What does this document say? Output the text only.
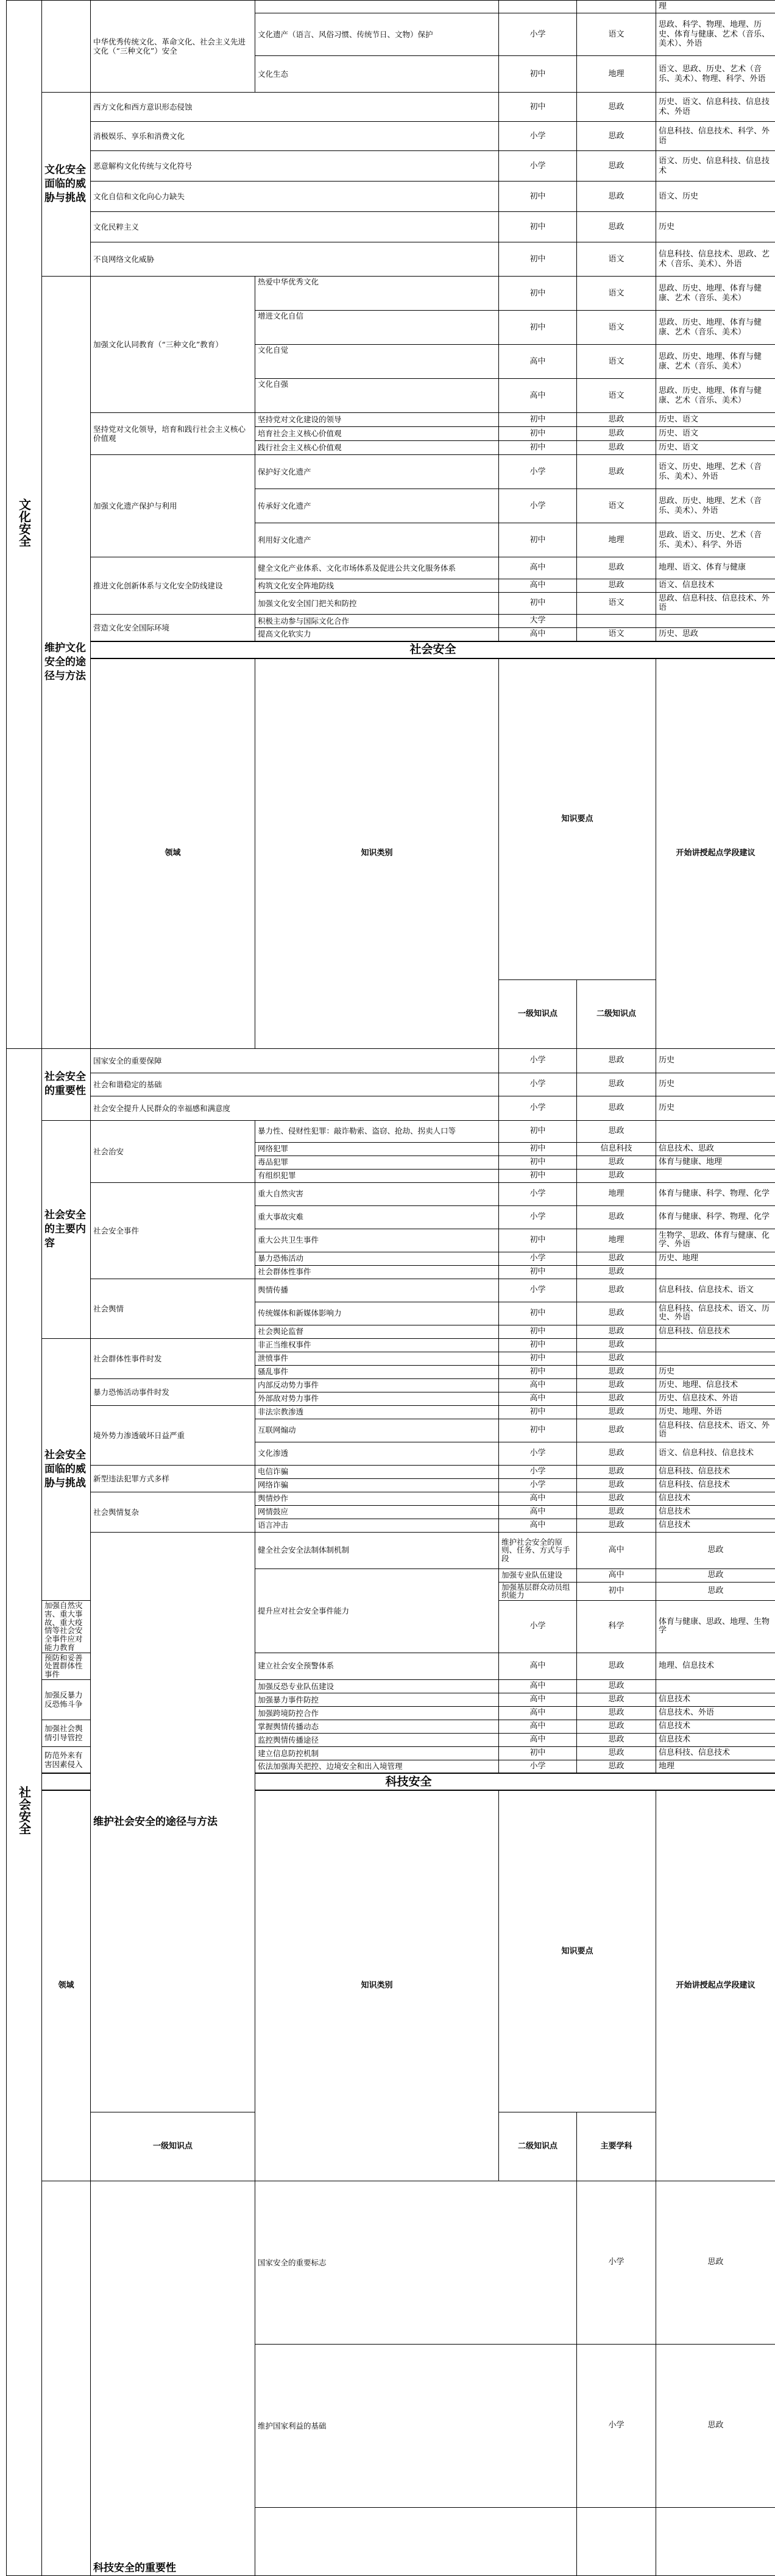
文化安全		中华优秀传统文化、革命文化、社会主义先进文化（“三种文化”）安全				理	
			文化遗产（语言、风俗习惯、传统节日、文物）保护	小学	语文	思政、科学、物理、地理、历史、体育与健康、艺术（音乐、美术）、外语	
			文化生态	初中	地理	语文、思政、历史、艺术（音乐、美术）、物理、科学、外语	
	文化安全面临的威胁与挑战	西方文化和西方意识形态侵蚀		初中	思政	历史、语文、信息科技、信息技术、外语	
		消极娱乐、享乐和消费文化		小学	思政	信息科技、信息技术、科学、外语	
		恶意解构文化传统与文化符号		小学	思政	语文、历史、信息科技、信息技术	
		文化自信和文化向心力缺失		初中	思政	语文、历史	
		文化民粹主义		初中	思政	历史	
		不良网络文化威胁		初中	语文	信息科技、信息技术、思政、艺术（音乐、美术）、外语	
	维护文化安全的途径与方法	加强文化认同教育（“三种文化”教育）	热爱中华优秀文化	初中	语文	思政、历史、地理、体育与健康、艺术（音乐、美术）	
			增进文化自信	初中	语文	思政、历史、地理、体育与健康、艺术（音乐、美术）	
			文化自觉	高中	语文	思政、历史、地理、体育与健康、艺术（音乐、美术）	
			文化自强	高中	语文	思政、历史、地理、体育与健康、艺术（音乐、美术）	
		坚持党对文化领导，培育和践行社会主义核心价值观	坚持党对文化建设的领导	初中	思政	历史、语文	
			培育社会主义核心价值观	初中	思政	历史、语文	
			践行社会主义核心价值观	初中	思政	历史、语文	
		加强文化遗产保护与利用	保护好文化遗产	小学	思政	语文、历史、地理、艺术（音乐、美术）、外语	
			传承好文化遗产	小学	语文	思政、历史、地理、艺术（音乐、美术）、外语	
			利用好文化遗产	初中	地理	思政、语文、历史、艺术（音乐、美术）、科学、外语	
		推进文化创新体系与文化安全防线建设	健全文化产业体系、文化市场体系及促进公共文化服务体系	高中	思政	地理、语文、体育与健康	
			构筑文化安全阵地防线	高中	思政	语文、信息技术	
			加强文化安全国门把关和防控	初中	语文	思政、信息科技、信息技术、外语	
		营造文化安全国际环境	积极主动参与国际文化合作	大学			
			提高文化软实力	高中	语文	历史、思政	
		社会安全					
		领域	知识类别	知识要点		开始讲授起点学段建议	

				一级知识点	二级知识点		
社会安全	社会安全的重要性	国家安全的重要保障		小学	思政	历史	
		社会和谐稳定的基础		小学	思政	历史	
		社会安全提升人民群众的幸福感和满意度		小学	思政	历史	
	社会安全的主要内容	社会治安	暴力性、侵财性犯罪：敲诈勒索、盗窃、抢劫、拐卖人口等	初中	思政		
			网络犯罪	初中	信息科技	信息技术、思政	
			毒品犯罪	初中	思政	体育与健康、地理	
			有组织犯罪	初中	思政		
		社会安全事件	重大自然灾害	小学	地理	体育与健康、科学、物理、化学	
			重大事故灾难	小学	思政	体育与健康、科学、物理、化学	
			重大公共卫生事件	初中	地理	生物学、思政、体育与健康、化学、外语	
			暴力恐怖活动	小学	思政	历史、地理	
			社会群体性事件	初中	思政		
		社会舆情	舆情传播	小学	思政	信息科技、信息技术、语文	
			传统媒体和新媒体影响力	初中	思政	信息科技、信息技术、语文、历史、外语	
			社会舆论监督	初中	思政	信息科技、信息技术	
	社会安全面临的威胁与挑战	社会群体性事件时发	非正当维权事件	初中	思政		
			泄愤事件	初中	思政		
			骚乱事件	初中	思政	历史	
		暴力恐怖活动事件时发	内部反动势力事件	高中	思政	历史、地理、信息技术	
			外部敌对势力事件	高中	思政	历史、信息技术、外语	
		境外势力渗透破坏日益严重	非法宗教渗透	初中	思政	历史、地理、外语	
			互联网煽动	初中	思政	信息科技、信息技术、语文、外语	
			文化渗透	小学	思政	语文、信息科技、信息技术	
		新型违法犯罪方式多样	电信诈骗	小学	思政	信息科技、信息技术	
			网络诈骗	小学	思政	信息科技、信息技术	
		社会舆情复杂	舆情炒作	高中	思政	信息技术	
			网情鼓应	高中	思政	信息技术	
			语言冲击	高中	思政	信息技术	
		维护社会安全的途径与方法	健全社会安全法制体制机制	维护社会安全的原则、任务、方式与手段	高中	思政	
			提升应对社会安全事件能力	加强专业队伍建设	高中	思政	
				加强基层群众动员组织能力	初中	思政	
	加强自然灾害、重大事故、重大疫情等社会安全事件应对能力教育			小学	科学	体育与健康、思政、地理、生物学	
	预防和妥善处置群体性事件		建立社会安全预警体系	高中	思政	地理、信息技术	
	加强反暴力反恐怖斗争		加强反恐专业队伍建设	高中	思政		
			加强暴力事件防控	高中	思政	信息技术	
			加强跨境防控合作	高中	思政	信息技术、外语	
	加强社会舆情引导管控		掌握舆情传播动态	高中	思政	信息技术	
			监控舆情传播途径	高中	思政	信息技术	
	防范外来有害因素侵入		建立信息防控机制	初中	思政	信息科技、信息技术	
			依法加强海关把控、边境安全和出入境管理	小学	思政	地理	
	科技安全						
	领域		知识类别	知识要点		开始讲授起点学段建议	

		一级知识点		二级知识点	主要学科	
		科技安全的重要性	国家安全的重要标志		小学	思政	
			维护国家利益的基础		小学	思政	
